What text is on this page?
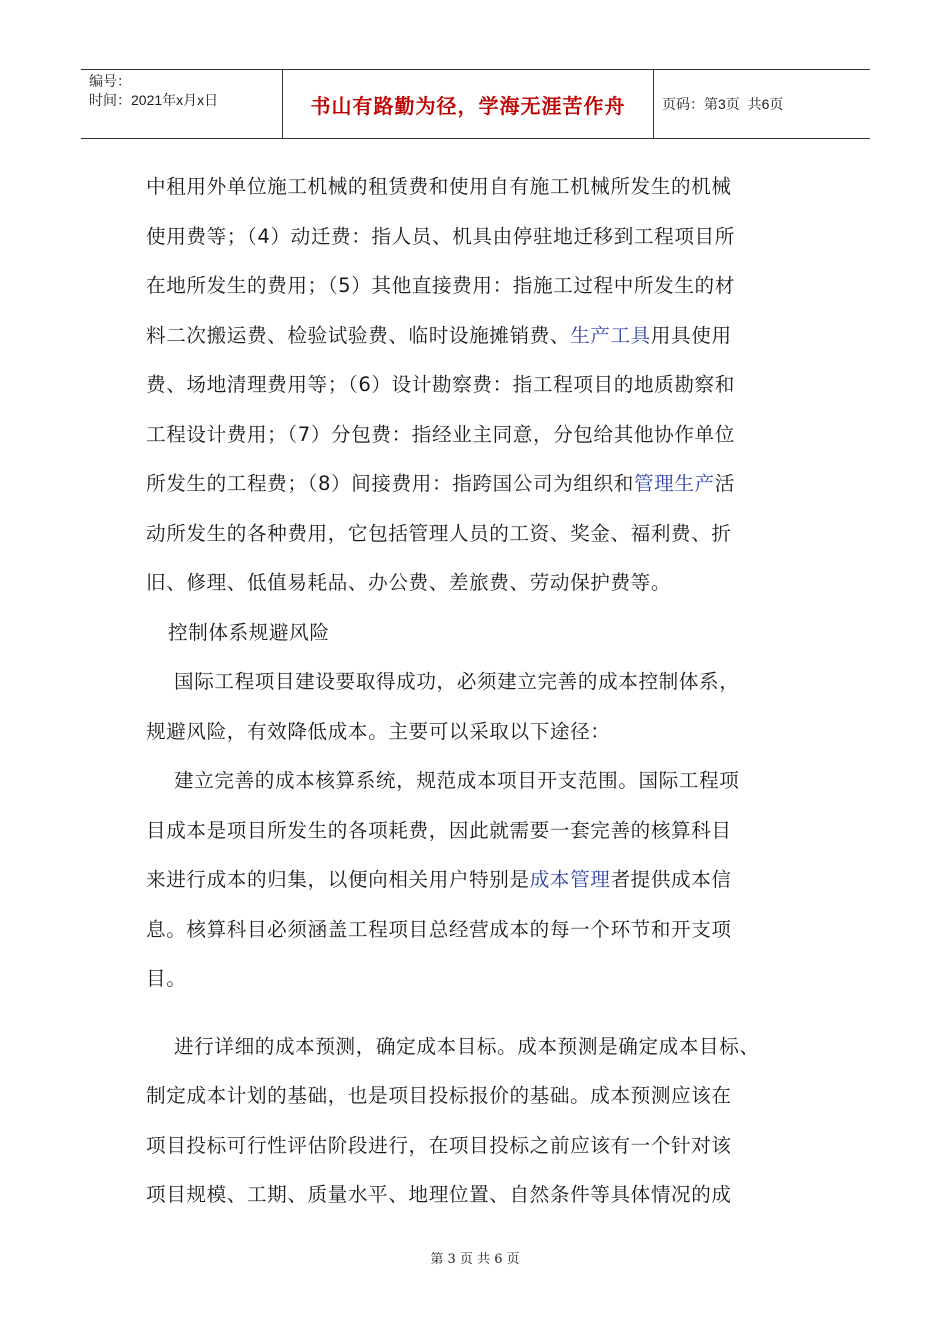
编号：
时间：2021年x月x日	书山有路勤为径，学海无涯苦作舟	页码：第3页  共6页
中租用外单位施工机械的租赁费和使用自有施工机械所发生的机械
使用费等；（4）动迁费：指人员、机具由停驻地迁移到工程项目所
在地所发生的费用；（5）其他直接费用：指施工过程中所发生的材
料二次搬运费、检验试验费、临时设施摊销费、生产工具用具使用
费、场地清理费用等；（6）设计勘察费：指工程项目的地质勘察和
工程设计费用；（7）分包费：指经业主同意，分包给其他协作单位
所发生的工程费；（8）间接费用：指跨国公司为组织和管理生产活
动所发生的各种费用，它包括管理人员的工资、奖金、福利费、折
旧、修理、低值易耗品、办公费、差旅费、劳动保护费等。
控制体系规避风险
国际工程项目建设要取得成功，必须建立完善的成本控制体系，
规避风险，有效降低成本。主要可以采取以下途径：
建立完善的成本核算系统，规范成本项目开支范围。国际工程项
目成本是项目所发生的各项耗费，因此就需要一套完善的核算科目
来进行成本的归集，以便向相关用户特别是成本管理者提供成本信
息。核算科目必须涵盖工程项目总经营成本的每一个环节和开支项
目。
进行详细的成本预测，确定成本目标。成本预测是确定成本目标、
制定成本计划的基础，也是项目投标报价的基础。成本预测应该在
项目投标可行性评估阶段进行，在项目投标之前应该有一个针对该
项目规模、工期、质量水平、地理位置、自然条件等具体情况的成
第 3 页 共 6 页
